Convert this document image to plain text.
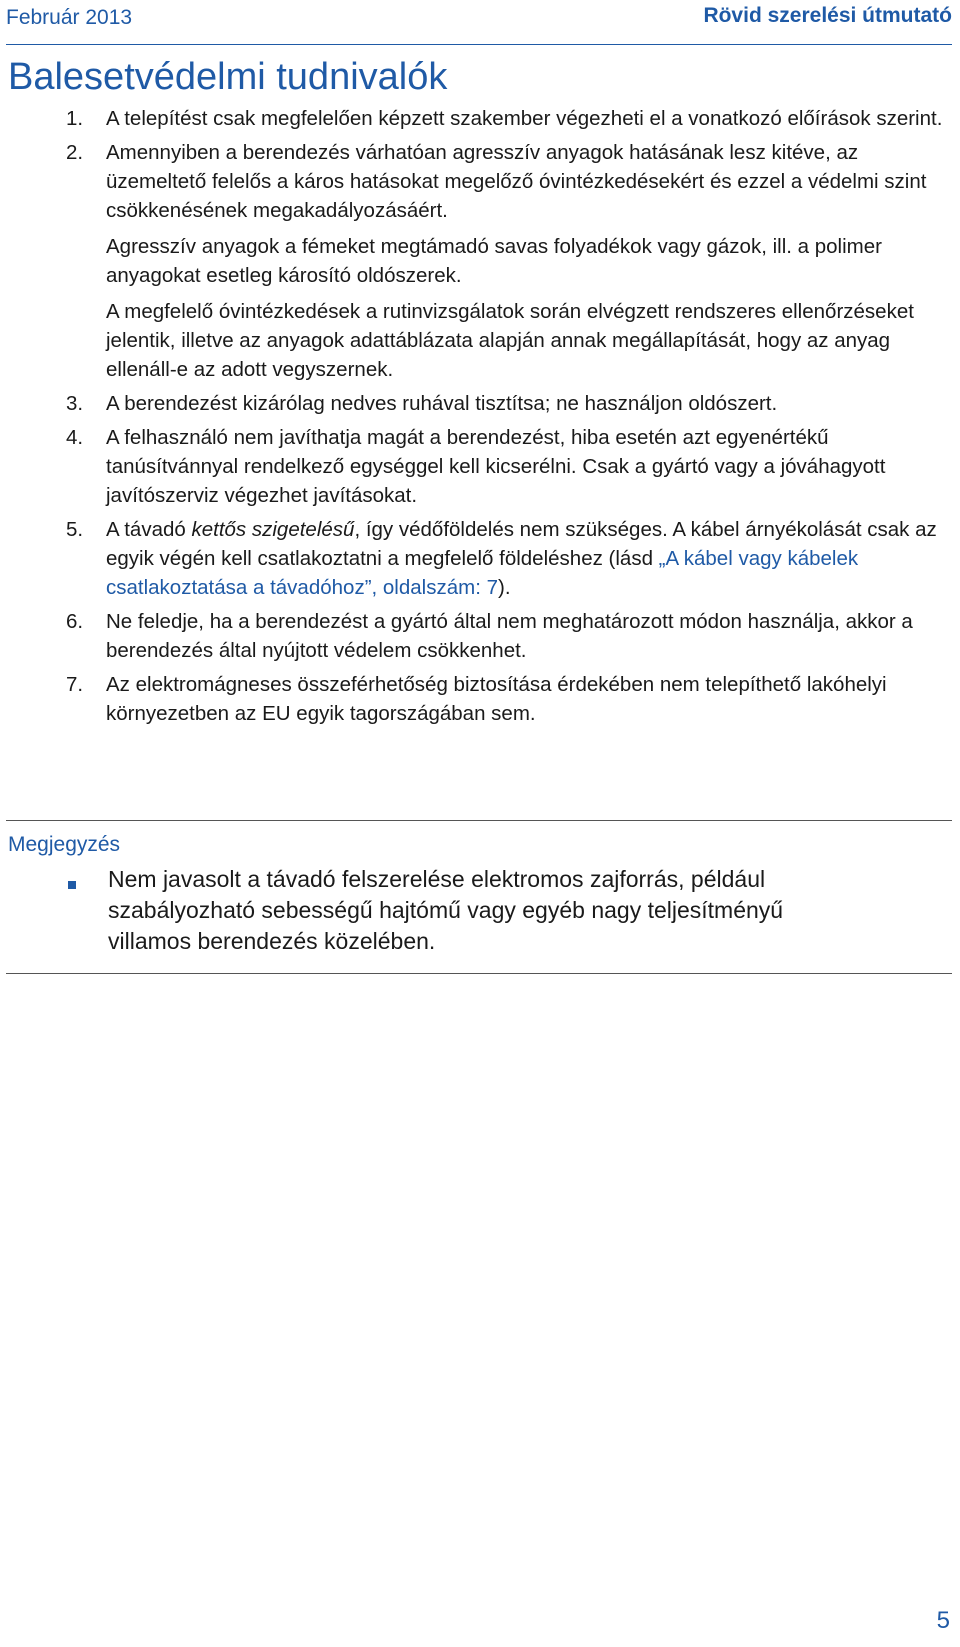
Február 2013	Rövid szerelési útmutató
Balesetvédelmi tudnivalók
1.	A telepítést csak megfelelően képzett szakember végezheti el a vonatkozó előírások szerint.

2.	Amennyiben a berendezés várhatóan agresszív anyagok hatásának lesz kitéve, az üzemeltető felelős a káros hatásokat megelőző óvintézkedésekért és ezzel a védelmi szint csökkenésének megakadályozásáért.

Agresszív anyagok a fémeket megtámadó savas folyadékok vagy gázok, ill. a polimer anyagokat esetleg károsító oldószerek.

A megfelelő óvintézkedések a rutinvizsgálatok során elvégzett rendszeres ellenőrzéseket jelentik, illetve az anyagok adattáblázata alapján annak megállapítását, hogy az anyag ellenáll-e az adott vegyszernek.

3.	A berendezést kizárólag nedves ruhával tisztítsa; ne használjon oldószert.

4.	A felhasználó nem javíthatja magát a berendezést, hiba esetén azt egyenértékű tanúsítvánnyal rendelkező egységgel kell kicserélni. Csak a gyártó vagy a jóváhagyott javítószerviz végezhet javításokat.

5.	A távadó kettős szigetelésű, így védőföldelés nem szükséges. A kábel árnyékolását csak az egyik végén kell csatlakoztatni a megfelelő földeléshez (lásd „A kábel vagy kábelek csatlakoztatása a távadóhoz”, oldalszám: 7).

6.	Ne feledje, ha a berendezést a gyártó által nem meghatározott módon használja, akkor a berendezés által nyújtott védelem csökkenhet.

7.	Az elektromágneses összeférhetőség biztosítása érdekében nem telepíthető lakóhelyi környezetben az EU egyik tagországában sem.

Megjegyzés

Nem javasolt a távadó felszerelése elektromos zajforrás, például szabályozható sebességű hajtómű vagy egyéb nagy teljesítményű villamos berendezés közelében.

5
